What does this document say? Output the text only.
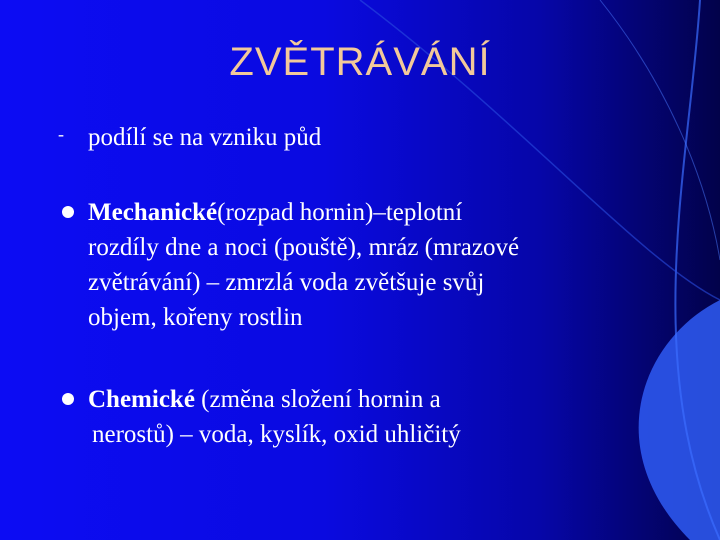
ZVĚTRÁVÁNÍ
- podílí se na vzniku půd
Mechanické(rozpad hornin)–teplotní
rozdíly dne a noci (pouště), mráz (mrazové
zvětrávání) – zmrzlá voda zvětšuje svůj
objem, kořeny rostlin
Chemické (změna složení hornin a
nerostů) – voda, kyslík, oxid uhličitý
